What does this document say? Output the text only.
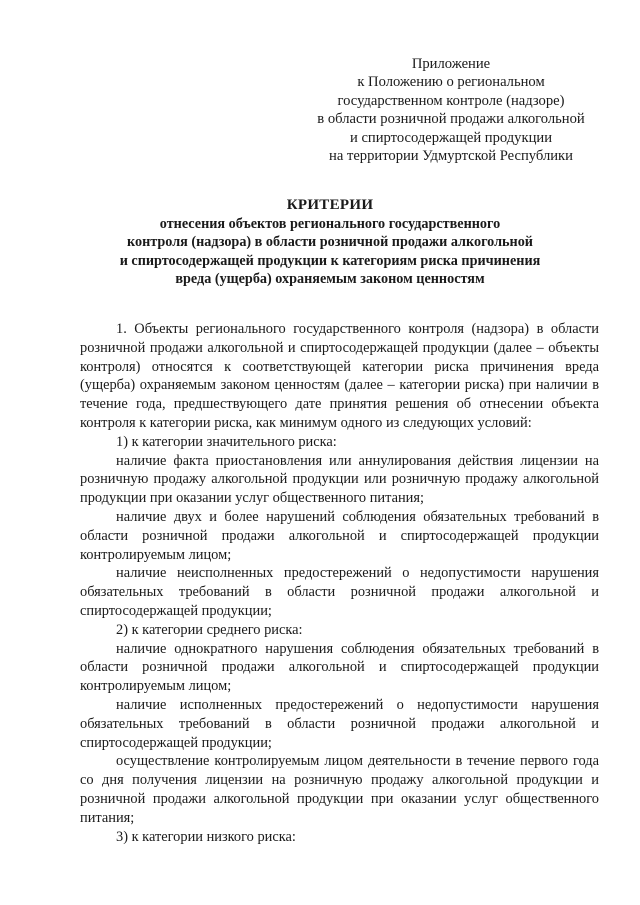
Приложение
к Положению о региональном
государственном контроле (надзоре)
в области розничной продажи алкогольной
и спиртосодержащей продукции
на территории Удмуртской Республики
КРИТЕРИИ
отнесения объектов регионального государственного
контроля (надзора) в области розничной продажи алкогольной
и спиртосодержащей продукции к категориям риска причинения
вреда (ущерба) охраняемым законом ценностям

1. Объекты регионального государственного контроля (надзора) в области розничной продажи алкогольной и спиртосодержащей продукции (далее – объекты контроля) относятся к соответствующей категории риска причинения вреда (ущерба) охраняемым законом ценностям (далее – категории риска) при наличии в течение года, предшествующего дате принятия решения об отнесении объекта контроля к категории риска, как минимум одного из следующих условий:

1) к категории значительного риска:

наличие факта приостановления или аннулирования действия лицензии на розничную продажу алкогольной продукции или розничную продажу алкогольной продукции при оказании услуг общественного питания;

наличие двух и более нарушений соблюдения обязательных требований в области розничной продажи алкогольной и спиртосодержащей продукции контролируемым лицом;

наличие неисполненных предостережений о недопустимости нарушения обязательных требований в области розничной продажи алкогольной и спиртосодержащей продукции;

2) к категории среднего риска:

наличие однократного нарушения соблюдения обязательных требований в области розничной продажи алкогольной и спиртосодержащей продукции контролируемым лицом;

наличие исполненных предостережений о недопустимости нарушения обязательных требований в области розничной продажи алкогольной и спиртосодержащей продукции;

осуществление контролируемым лицом деятельности в течение первого года со дня получения лицензии на розничную продажу алкогольной продукции и розничной продажи алкогольной продукции при оказании услуг общественного питания;

3) к категории низкого риска:
